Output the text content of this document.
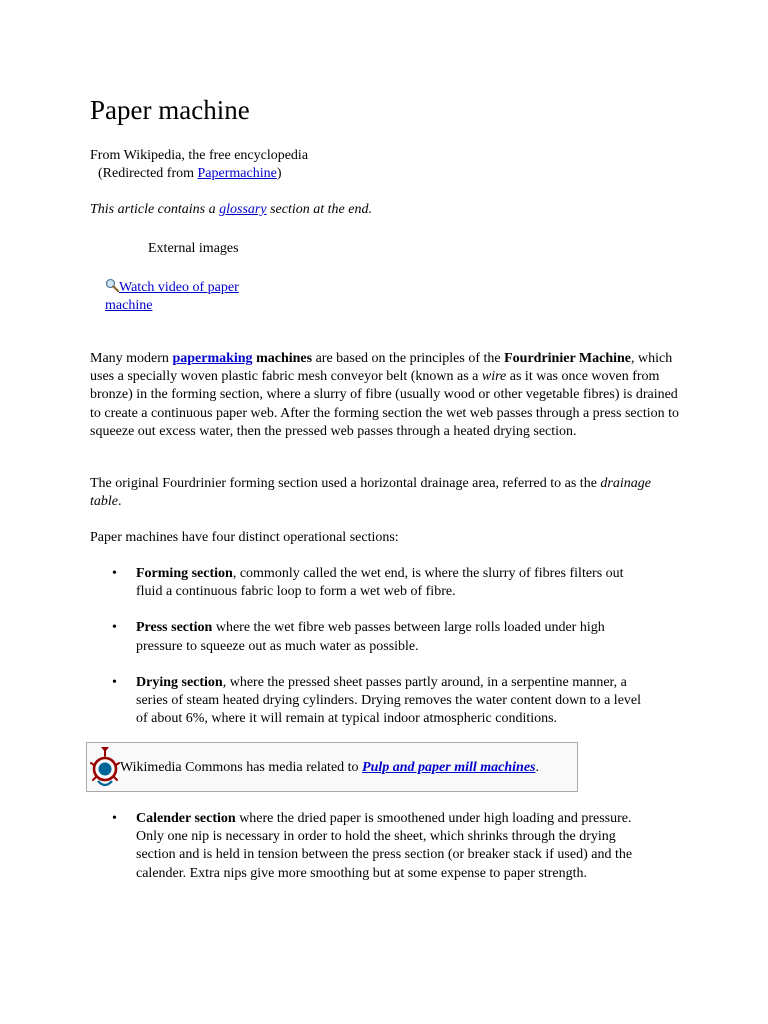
Paper machine

From Wikipedia, the free encyclopedia

(Redirected from Papermachine)

This article contains a glossary section at the end.

External images

Watch video of paper
machine

Many modern papermaking machines are based on the principles of the Fourdrinier Machine, which uses a specially woven plastic fabric mesh conveyor belt (known as a wire as it was once woven from bronze) in the forming section, where a slurry of fibre (usually wood or other vegetable fibres) is drained to create a continuous paper web. After the forming section the wet web passes through a press section to squeeze out excess water, then the pressed web passes through a heated drying section.

The original Fourdrinier forming section used a horizontal drainage area, referred to as the drainage table.

Paper machines have four distinct operational sections:

• Forming section, commonly called the wet end, is where the slurry of fibres filters out fluid a continuous fabric loop to form a wet web of fibre.
• Press section where the wet fibre web passes between large rolls loaded under high pressure to squeeze out as much water as possible.
• Drying section, where the pressed sheet passes partly around, in a serpentine manner, a series of steam heated drying cylinders. Drying removes the water content down to a level of about 6%, where it will remain at typical indoor atmospheric conditions.
Wikimedia Commons has media related to Pulp and paper mill machines.
• Calender section where the dried paper is smoothened under high loading and pressure. Only one nip is necessary in order to hold the sheet, which shrinks through the drying section and is held in tension between the press section (or breaker stack if used) and the calender. Extra nips give more smoothing but at some expense to paper strength.
